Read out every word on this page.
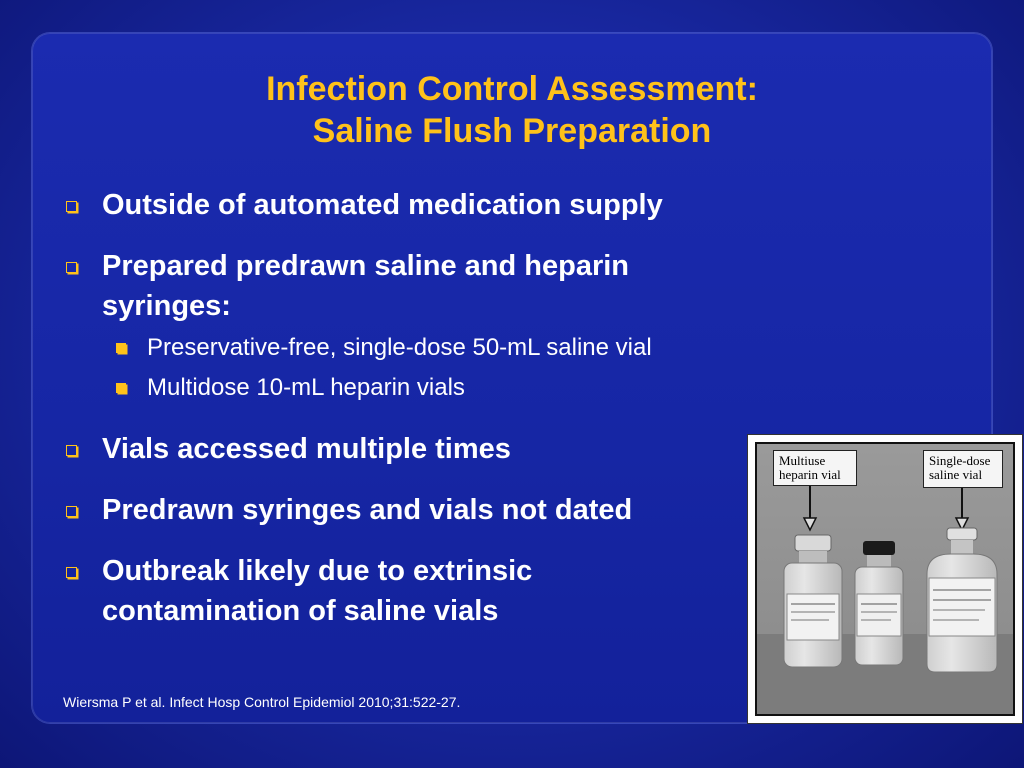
Infection Control Assessment:
Saline Flush Preparation
Outside of automated medication supply
Prepared predrawn saline and heparin syringes:
Preservative-free, single-dose 50-mL saline vial
Multidose 10-mL heparin vials
Vials accessed multiple times
Predrawn syringes and vials not dated
Outbreak likely due to extrinsic contamination of saline vials
Multiuse
heparin vial
Single-dose
saline vial
Wiersma P et al. Infect Hosp Control Epidemiol 2010;31:522-27.
